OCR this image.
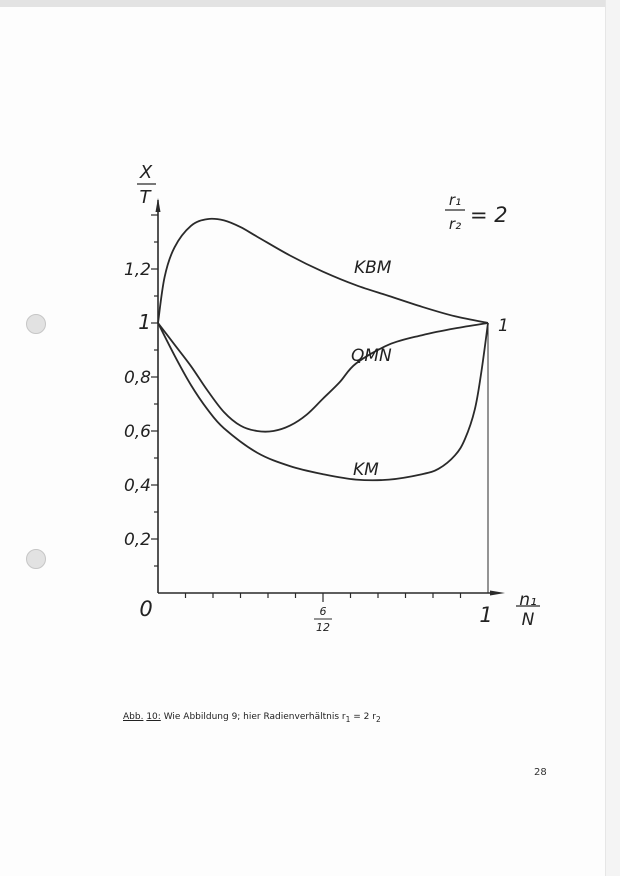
KBM
QMN
KM
1
0,2
0,4
0,6
0,8
1
1,2
0	6
12
1
X
T
n₁
N
r₁
r₂ = 2
Abb. 10: Wie Abbildung 9; hier Radienverhältnis $r_1 = 2$ $r_2$
28
